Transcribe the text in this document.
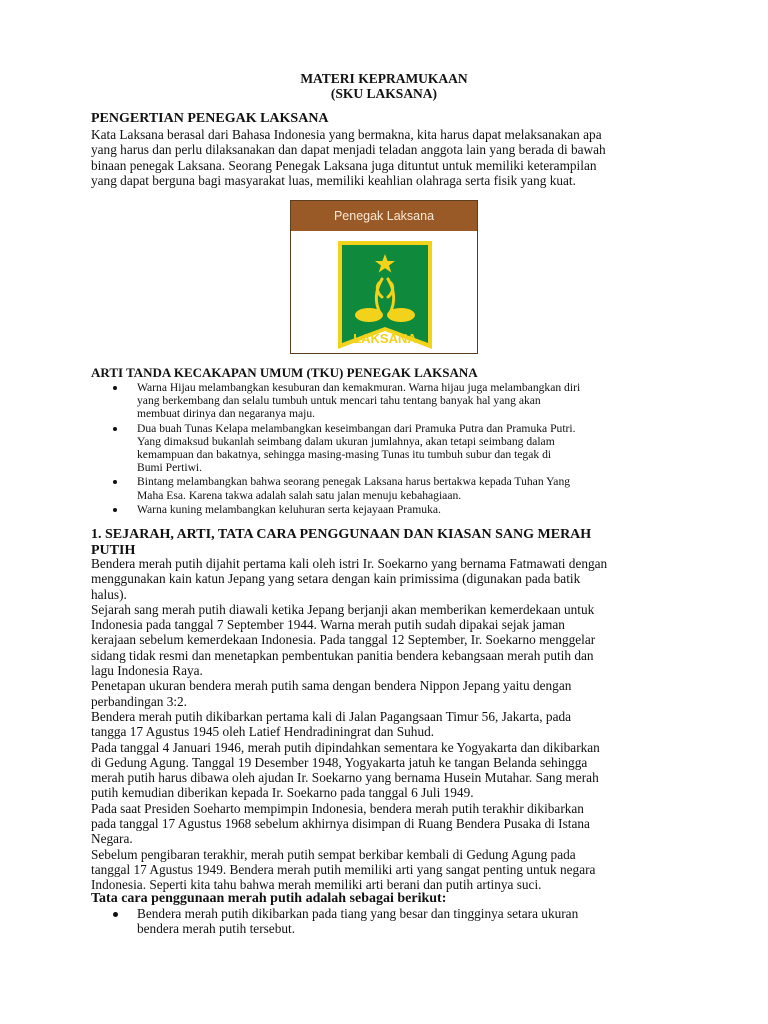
MATERI KEPRAMUKAAN
(SKU LAKSANA)
PENGERTIAN PENEGAK LAKSANA
Kata Laksana berasal dari Bahasa Indonesia yang bermakna, kita harus dapat melaksanakan apa
yang harus dan perlu dilaksanakan dan dapat menjadi teladan anggota lain yang berada di bawah
binaan penegak Laksana. Seorang Penegak Laksana juga dituntut untuk memiliki keterampilan
yang dapat berguna bagi masyarakat luas, memiliki keahlian olahraga serta fisik yang kuat.
Penegak Laksana
LAKSANA
ARTI TANDA KECAKAPAN UMUM (TKU) PENEGAK LAKSANA
Warna Hijau melambangkan kesuburan dan kemakmuran. Warna hijau juga melambangkan diri
yang berkembang dan selalu tumbuh untuk mencari tahu tentang banyak hal yang akan
membuat dirinya dan negaranya maju.
Dua buah Tunas Kelapa melambangkan keseimbangan dari Pramuka Putra dan Pramuka Putri.
Yang dimaksud bukanlah seimbang dalam ukuran jumlahnya, akan tetapi seimbang dalam
kemampuan dan bakatnya, sehingga masing-masing Tunas itu tumbuh subur dan tegak di
Bumi Pertiwi.
Bintang melambangkan bahwa seorang penegak Laksana harus bertakwa kepada Tuhan Yang
Maha Esa. Karena takwa adalah salah satu jalan menuju kebahagiaan.
Warna kuning melambangkan keluhuran serta kejayaan Pramuka.
1. SEJARAH, ARTI, TATA CARA PENGGUNAAN DAN KIASAN SANG MERAH
PUTIH
Bendera merah putih dijahit pertama kali oleh istri Ir. Soekarno yang bernama Fatmawati dengan
menggunakan kain katun Jepang yang setara dengan kain primissima (digunakan pada batik
halus).
Sejarah sang merah putih diawali ketika Jepang berjanji akan memberikan kemerdekaan untuk
Indonesia pada tanggal 7 September 1944. Warna merah putih sudah dipakai sejak jaman
kerajaan sebelum kemerdekaan Indonesia. Pada tanggal 12 September, Ir. Soekarno menggelar
sidang tidak resmi dan menetapkan pembentukan panitia bendera kebangsaan merah putih dan
lagu Indonesia Raya.
Penetapan ukuran bendera merah putih sama dengan bendera Nippon Jepang yaitu dengan
perbandingan 3:2.
Bendera merah putih dikibarkan pertama kali di Jalan Pagangsaan Timur 56, Jakarta, pada
tangga 17 Agustus 1945 oleh Latief Hendradiningrat dan Suhud.
Pada tanggal 4 Januari 1946, merah putih dipindahkan sementara ke Yogyakarta dan dikibarkan
di Gedung Agung. Tanggal 19 Desember 1948, Yogyakarta jatuh ke tangan Belanda sehingga
merah putih harus dibawa oleh ajudan Ir. Soekarno yang bernama Husein Mutahar. Sang merah
putih kemudian diberikan kepada Ir. Soekarno pada tanggal 6 Juli 1949.
Pada saat Presiden Soeharto mempimpin Indonesia, bendera merah putih terakhir dikibarkan
pada tanggal 17 Agustus 1968 sebelum akhirnya disimpan di Ruang Bendera Pusaka di Istana
Negara.
Sebelum pengibaran terakhir, merah putih sempat berkibar kembali di Gedung Agung pada
tanggal 17 Agustus 1949. Bendera merah putih memiliki arti yang sangat penting untuk negara
Indonesia. Seperti kita tahu bahwa merah memiliki arti berani dan putih artinya suci.
Tata cara penggunaan merah putih adalah sebagai berikut:
Bendera merah putih dikibarkan pada tiang yang besar dan tingginya setara ukuran
bendera merah putih tersebut.
